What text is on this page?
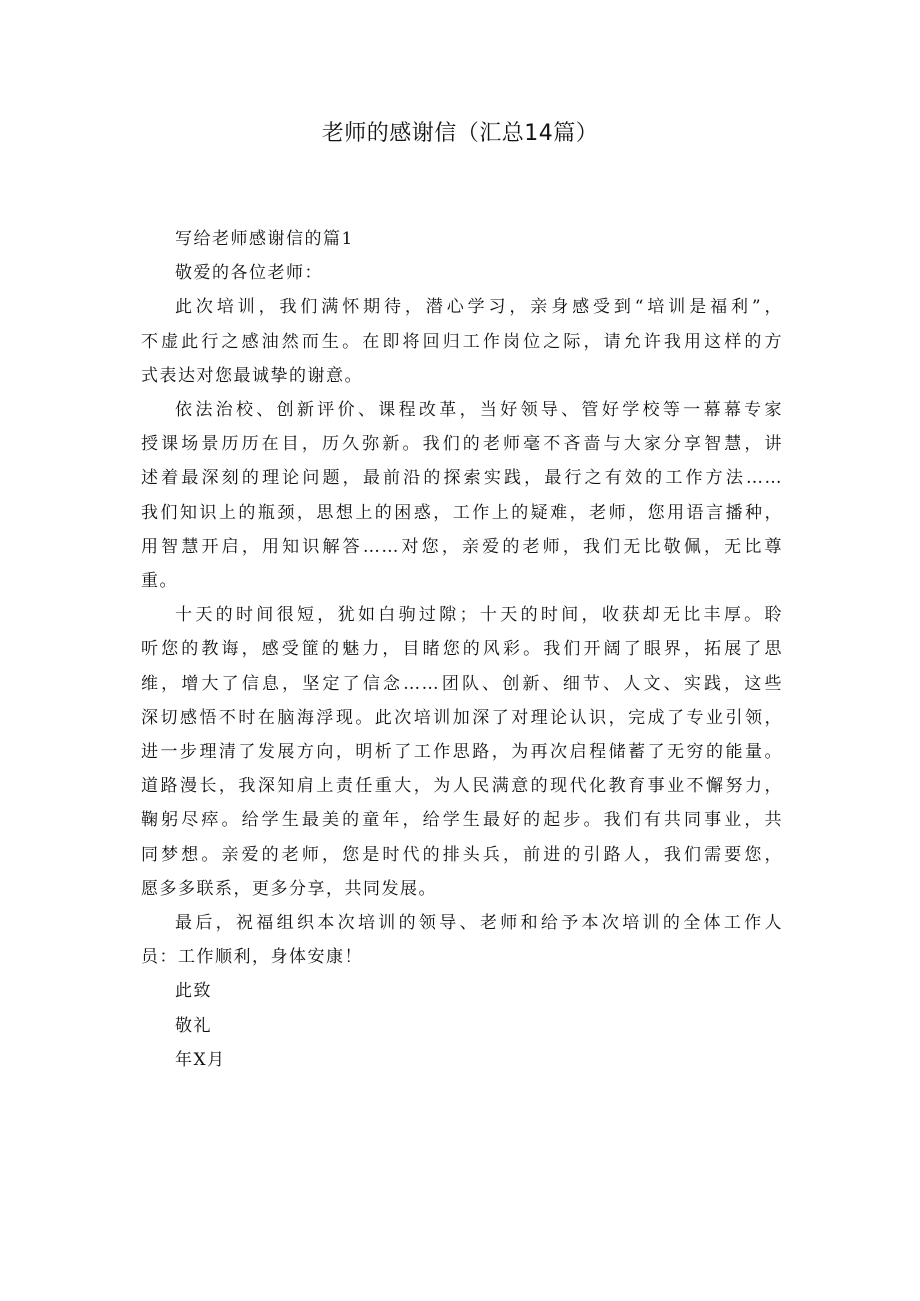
老师的感谢信（汇总14篇）
写给老师感谢信的篇1
敬爱的各位老师：
此次培训，我们满怀期待，潜心学习，亲身感受到“培训是福利”，
不虚此行之感油然而生。在即将回归工作岗位之际，请允许我用这样的方
式表达对您最诚挚的谢意。
依法治校、创新评价、课程改革，当好领导、管好学校等一幕幕专家
授课场景历历在目，历久弥新。我们的老师毫不吝啬与大家分享智慧，讲
述着最深刻的理论问题，最前沿的探索实践，最行之有效的工作方法……
我们知识上的瓶颈，思想上的困惑，工作上的疑难，老师，您用语言播种，
用智慧开启，用知识解答……对您，亲爱的老师，我们无比敬佩，无比尊
重。
十天的时间很短，犹如白驹过隙；十天的时间，收获却无比丰厚。聆
听您的教诲，感受篚的魅力，目睹您的风彩。我们开阔了眼界，拓展了思
维，增大了信息，坚定了信念……团队、创新、细节、人文、实践，这些
深切感悟不时在脑海浮现。此次培训加深了对理论认识，完成了专业引领，
进一步理清了发展方向，明析了工作思路，为再次启程储蓄了无穷的能量。
道路漫长，我深知肩上责任重大，为人民满意的现代化教育事业不懈努力，
鞠躬尽瘁。给学生最美的童年，给学生最好的起步。我们有共同事业，共
同梦想。亲爱的老师，您是时代的排头兵，前进的引路人，我们需要您，
愿多多联系，更多分享，共同发展。
最后，祝福组织本次培训的领导、老师和给予本次培训的全体工作人
员：工作顺利，身体安康！
此致
敬礼
年X月
